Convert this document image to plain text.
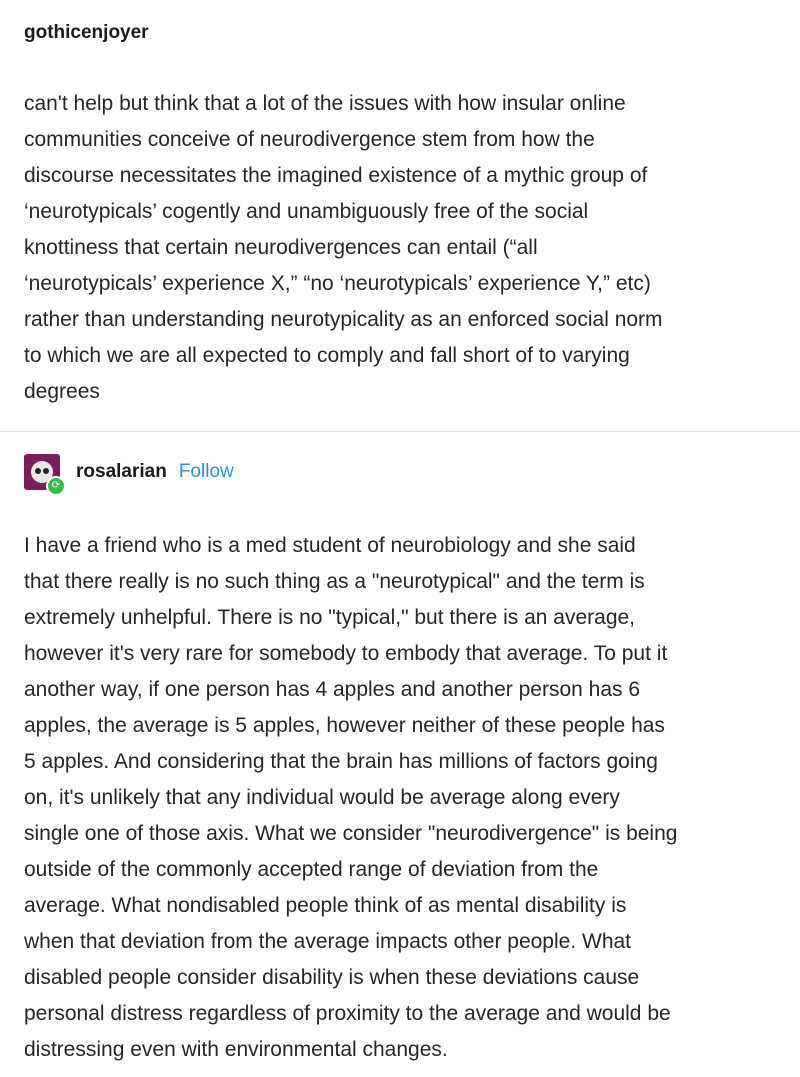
gothicenjoyer
can't help but think that a lot of the issues with how insular online
communities conceive of neurodivergence stem from how the
discourse necessitates the imagined existence of a mythic group of
‘neurotypicals’ cogently and unambiguously free of the social
knottiness that certain neurodivergences can entail (“all
‘neurotypicals’ experience X,” “no ‘neurotypicals’ experience Y,” etc)
rather than understanding neurotypicality as an enforced social norm
to which we are all expected to comply and fall short of to varying
degrees
⟳
rosalarian Follow
I have a friend who is a med student of neurobiology and she said
that there really is no such thing as a "neurotypical" and the term is
extremely unhelpful. There is no "typical," but there is an average,
however it's very rare for somebody to embody that average. To put it
another way, if one person has 4 apples and another person has 6
apples, the average is 5 apples, however neither of these people has
5 apples. And considering that the brain has millions of factors going
on, it's unlikely that any individual would be average along every
single one of those axis. What we consider "neurodivergence" is being
outside of the commonly accepted range of deviation from the
average. What nondisabled people think of as mental disability is
when that deviation from the average impacts other people. What
disabled people consider disability is when these deviations cause
personal distress regardless of proximity to the average and would be
distressing even with environmental changes.
